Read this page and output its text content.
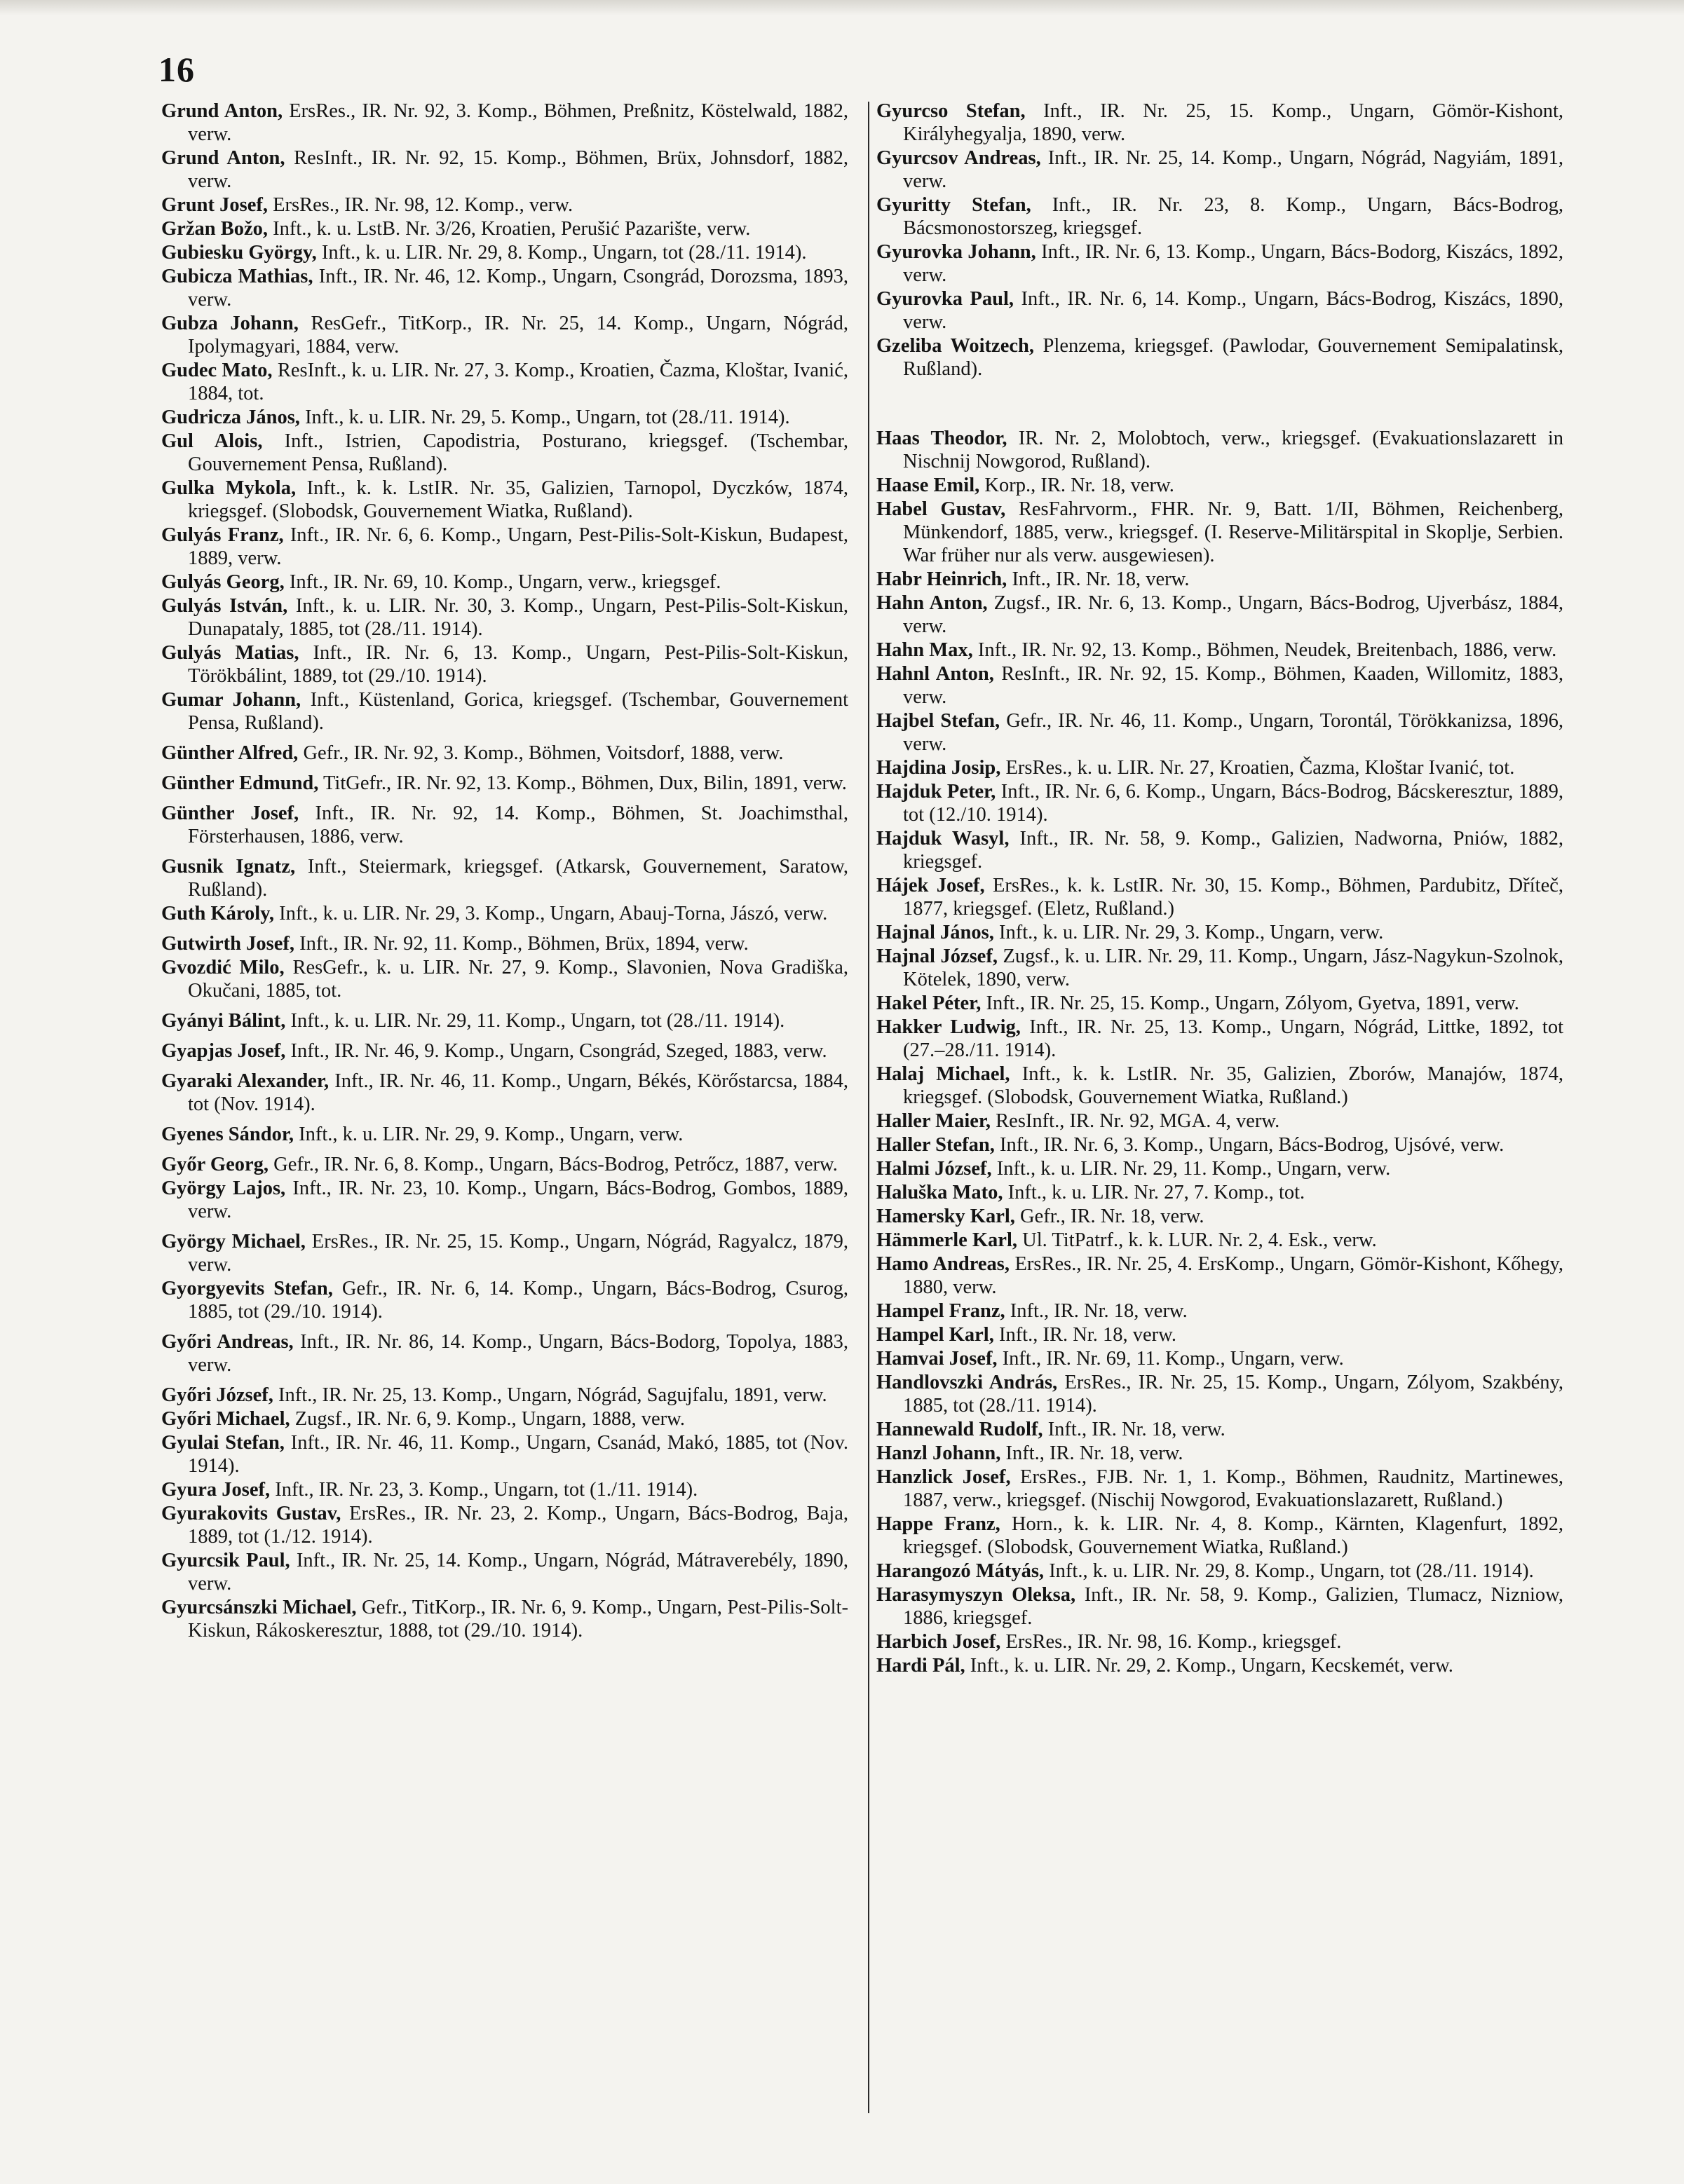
16

Grund Anton, ErsRes., IR. Nr. 92, 3. Komp., Böhmen, Preßnitz, Köstelwald, 1882, verw.

Grund Anton, ResInft., IR. Nr. 92, 15. Komp., Böhmen, Brüx, Johnsdorf, 1882, verw.

Grunt Josef, ErsRes., IR. Nr. 98, 12. Komp., verw.

Gržan Božo, Inft., k. u. LstB. Nr. 3/26, Kroatien, Perušić Pazarište, verw.

Gubiesku György, Inft., k. u. LIR. Nr. 29, 8. Komp., Ungarn, tot (28./11. 1914).

Gubicza Mathias, Inft., IR. Nr. 46, 12. Komp., Ungarn, Csongrád, Dorozsma, 1893, verw.

Gubza Johann, ResGefr., TitKorp., IR. Nr. 25, 14. Komp., Ungarn, Nógrád, Ipolymagyari, 1884, verw.

Gudec Mato, ResInft., k. u. LIR. Nr. 27, 3. Komp., Kroatien, Čazma, Kloštar, Ivanić, 1884, tot.

Gudricza János, Inft., k. u. LIR. Nr. 29, 5. Komp., Ungarn, tot (28./11. 1914).

Gul Alois, Inft., Istrien, Capodistria, Posturano, kriegsgef. (Tschembar, Gouvernement Pensa, Rußland).

Gulka Mykola, Inft., k. k. LstIR. Nr. 35, Galizien, Tarnopol, Dyczków, 1874, kriegsgef. (Slobodsk, Gouvernement Wiatka, Rußland).

Gulyás Franz, Inft., IR. Nr. 6, 6. Komp., Ungarn, Pest-Pilis-Solt-Kiskun, Budapest, 1889, verw.

Gulyás Georg, Inft., IR. Nr. 69, 10. Komp., Ungarn, verw., kriegsgef.

Gulyás István, Inft., k. u. LIR. Nr. 30, 3. Komp., Ungarn, Pest-Pilis-Solt-Kiskun, Dunapataly, 1885, tot (28./11. 1914).

Gulyás Matias, Inft., IR. Nr. 6, 13. Komp., Ungarn, Pest-Pilis-Solt-Kiskun, Törökbálint, 1889, tot (29./10. 1914).

Gumar Johann, Inft., Küstenland, Gorica, kriegsgef. (Tschembar, Gouvernement Pensa, Rußland).

Günther Alfred, Gefr., IR. Nr. 92, 3. Komp., Böhmen, Voitsdorf, 1888, verw.

Günther Edmund, TitGefr., IR. Nr. 92, 13. Komp., Böhmen, Dux, Bilin, 1891, verw.

Günther Josef, Inft., IR. Nr. 92, 14. Komp., Böhmen, St. Joachimsthal, Försterhausen, 1886, verw.

Gusnik Ignatz, Inft., Steiermark, kriegsgef. (Atkarsk, Gouvernement, Saratow, Rußland).

Guth Károly, Inft., k. u. LIR. Nr. 29, 3. Komp., Ungarn, Abauj-Torna, Jászó, verw.

Gutwirth Josef, Inft., IR. Nr. 92, 11. Komp., Böhmen, Brüx, 1894, verw.

Gvozdić Milo, ResGefr., k. u. LIR. Nr. 27, 9. Komp., Slavonien, Nova Gradiška, Okučani, 1885, tot.

Gyányi Bálint, Inft., k. u. LIR. Nr. 29, 11. Komp., Ungarn, tot (28./11. 1914).

Gyapjas Josef, Inft., IR. Nr. 46, 9. Komp., Ungarn, Csongrád, Szeged, 1883, verw.

Gyaraki Alexander, Inft., IR. Nr. 46, 11. Komp., Ungarn, Békés, Körőstarcsa, 1884, tot (Nov. 1914).

Gyenes Sándor, Inft., k. u. LIR. Nr. 29, 9. Komp., Ungarn, verw.

Győr Georg, Gefr., IR. Nr. 6, 8. Komp., Ungarn, Bács-Bodrog, Petrőcz, 1887, verw.

György Lajos, Inft., IR. Nr. 23, 10. Komp., Ungarn, Bács-Bodrog, Gombos, 1889, verw.

György Michael, ErsRes., IR. Nr. 25, 15. Komp., Ungarn, Nógrád, Ragyalcz, 1879, verw.

Gyorgyevits Stefan, Gefr., IR. Nr. 6, 14. Komp., Ungarn, Bács-Bodrog, Csurog, 1885, tot (29./10. 1914).

Győri Andreas, Inft., IR. Nr. 86, 14. Komp., Ungarn, Bács-Bodorg, Topolya, 1883, verw.

Győri József, Inft., IR. Nr. 25, 13. Komp., Ungarn, Nógrád, Sagujfalu, 1891, verw.

Győri Michael, Zugsf., IR. Nr. 6, 9. Komp., Ungarn, 1888, verw.

Gyulai Stefan, Inft., IR. Nr. 46, 11. Komp., Ungarn, Csanád, Makó, 1885, tot (Nov. 1914).

Gyura Josef, Inft., IR. Nr. 23, 3. Komp., Ungarn, tot (1./11. 1914).

Gyurakovits Gustav, ErsRes., IR. Nr. 23, 2. Komp., Ungarn, Bács-Bodrog, Baja, 1889, tot (1./12. 1914).

Gyurcsik Paul, Inft., IR. Nr. 25, 14. Komp., Ungarn, Nógrád, Mátraverebély, 1890, verw.

Gyurcsánszki Michael, Gefr., TitKorp., IR. Nr. 6, 9. Komp., Ungarn, Pest-Pilis-Solt-Kiskun, Rákoskeresztur, 1888, tot (29./10. 1914).

Gyurcso Stefan, Inft., IR. Nr. 25, 15. Komp., Ungarn, Gömör-Kishont, Királyhegyalja, 1890, verw.

Gyurcsov Andreas, Inft., IR. Nr. 25, 14. Komp., Ungarn, Nógrád, Nagyiám, 1891, verw.

Gyuritty Stefan, Inft., IR. Nr. 23, 8. Komp., Ungarn, Bács-Bodrog, Bácsmonostorszeg, kriegsgef.

Gyurovka Johann, Inft., IR. Nr. 6, 13. Komp., Ungarn, Bács-Bodorg, Kiszács, 1892, verw.

Gyurovka Paul, Inft., IR. Nr. 6, 14. Komp., Ungarn, Bács-Bodrog, Kiszács, 1890, verw.

Gzeliba Woitzech, Plenzema, kriegsgef. (Pawlodar, Gouvernement Semipalatinsk, Rußland).

Haas Theodor, IR. Nr. 2, Molobtoch, verw., kriegsgef. (Evakuationslazarett in Nischnij Nowgorod, Rußland).

Haase Emil, Korp., IR. Nr. 18, verw.

Habel Gustav, ResFahrvorm., FHR. Nr. 9, Batt. 1/II, Böhmen, Reichenberg, Münkendorf, 1885, verw., kriegsgef. (I. Reserve-Militärspital in Skoplje, Serbien. War früher nur als verw. ausgewiesen).

Habr Heinrich, Inft., IR. Nr. 18, verw.

Hahn Anton, Zugsf., IR. Nr. 6, 13. Komp., Ungarn, Bács-Bodrog, Ujverbász, 1884, verw.

Hahn Max, Inft., IR. Nr. 92, 13. Komp., Böhmen, Neudek, Breitenbach, 1886, verw.

Hahnl Anton, ResInft., IR. Nr. 92, 15. Komp., Böhmen, Kaaden, Willomitz, 1883, verw.

Hajbel Stefan, Gefr., IR. Nr. 46, 11. Komp., Ungarn, Torontál, Törökkanizsa, 1896, verw.

Hajdina Josip, ErsRes., k. u. LIR. Nr. 27, Kroatien, Čazma, Kloštar Ivanić, tot.

Hajduk Peter, Inft., IR. Nr. 6, 6. Komp., Ungarn, Bács-Bodrog, Bácskeresztur, 1889, tot (12./10. 1914).

Hajduk Wasyl, Inft., IR. Nr. 58, 9. Komp., Galizien, Nadworna, Pniów, 1882, kriegsgef.

Hájek Josef, ErsRes., k. k. LstIR. Nr. 30, 15. Komp., Böhmen, Pardubitz, Dříteč, 1877, kriegsgef. (Eletz, Rußland.)

Hajnal János, Inft., k. u. LIR. Nr. 29, 3. Komp., Ungarn, verw.

Hajnal József, Zugsf., k. u. LIR. Nr. 29, 11. Komp., Ungarn, Jász-Nagykun-Szolnok, Kötelek, 1890, verw.

Hakel Péter, Inft., IR. Nr. 25, 15. Komp., Ungarn, Zólyom, Gyetva, 1891, verw.

Hakker Ludwig, Inft., IR. Nr. 25, 13. Komp., Ungarn, Nógrád, Littke, 1892, tot (27.–28./11. 1914).

Halaj Michael, Inft., k. k. LstIR. Nr. 35, Galizien, Zborów, Manajów, 1874, kriegsgef. (Slobodsk, Gouvernement Wiatka, Rußland.)

Haller Maier, ResInft., IR. Nr. 92, MGA. 4, verw.

Haller Stefan, Inft., IR. Nr. 6, 3. Komp., Ungarn, Bács-Bodrog, Ujsóvé, verw.

Halmi József, Inft., k. u. LIR. Nr. 29, 11. Komp., Ungarn, verw.

Haluška Mato, Inft., k. u. LIR. Nr. 27, 7. Komp., tot.

Hamersky Karl, Gefr., IR. Nr. 18, verw.

Hämmerle Karl, Ul. TitPatrf., k. k. LUR. Nr. 2, 4. Esk., verw.

Hamo Andreas, ErsRes., IR. Nr. 25, 4. ErsKomp., Ungarn, Gömör-Kishont, Kőhegy, 1880, verw.

Hampel Franz, Inft., IR. Nr. 18, verw.

Hampel Karl, Inft., IR. Nr. 18, verw.

Hamvai Josef, Inft., IR. Nr. 69, 11. Komp., Ungarn, verw.

Handlovszki András, ErsRes., IR. Nr. 25, 15. Komp., Ungarn, Zólyom, Szakbény, 1885, tot (28./11. 1914).

Hannewald Rudolf, Inft., IR. Nr. 18, verw.

Hanzl Johann, Inft., IR. Nr. 18, verw.

Hanzlick Josef, ErsRes., FJB. Nr. 1, 1. Komp., Böhmen, Raudnitz, Martinewes, 1887, verw., kriegsgef. (Nischij Nowgorod, Evakuationslazarett, Rußland.)

Happe Franz, Horn., k. k. LIR. Nr. 4, 8. Komp., Kärnten, Klagenfurt, 1892, kriegsgef. (Slobodsk, Gouvernement Wiatka, Rußland.)

Harangozó Mátyás, Inft., k. u. LIR. Nr. 29, 8. Komp., Ungarn, tot (28./11. 1914).

Harasymyszyn Oleksa, Inft., IR. Nr. 58, 9. Komp., Galizien, Tlumacz, Nizniow, 1886, kriegsgef.

Harbich Josef, ErsRes., IR. Nr. 98, 16. Komp., kriegsgef.

Hardi Pál, Inft., k. u. LIR. Nr. 29, 2. Komp., Ungarn, Kecskemét, verw.
